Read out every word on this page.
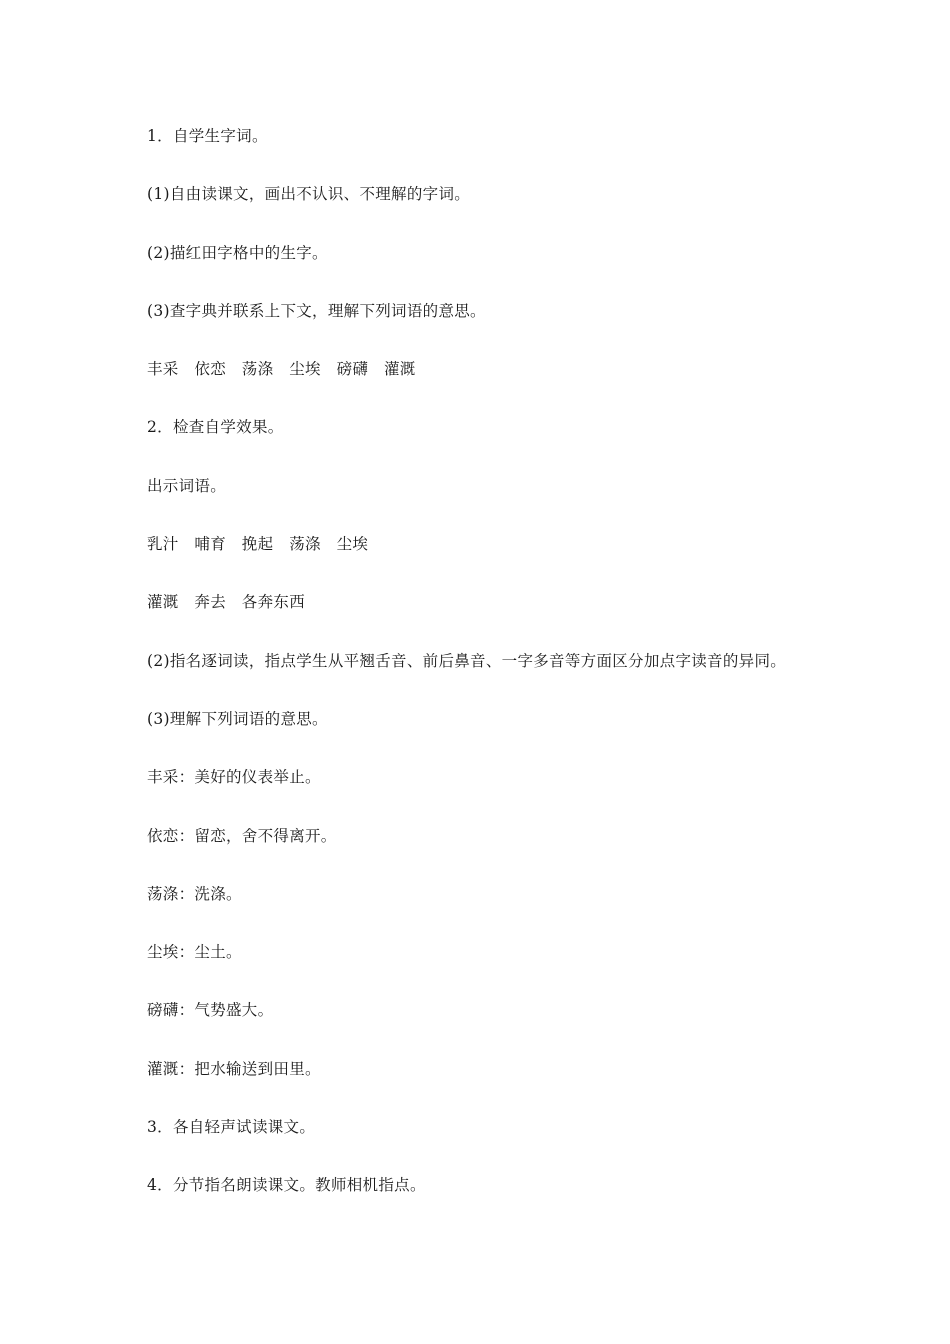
1．自学生字词。
(1)自由读课文，画出不认识、不理解的字词。
(2)描红田字格中的生字。
(3)查字典并联系上下文，理解下列词语的意思。
丰采　依恋　荡涤　尘埃　磅礴　灌溉
2．检查自学效果。
出示词语。
乳汁　哺育　挽起　荡涤　尘埃
灌溉　奔去　各奔东西
(2)指名逐词读，指点学生从平翘舌音、前后鼻音、一字多音等方面区分加点字读音的异同。
(3)理解下列词语的意思。
丰采：美好的仪表举止。
依恋：留恋，舍不得离开。
荡涤：洗涤。
尘埃：尘土。
磅礴：气势盛大。
灌溉：把水输送到田里。
3．各自轻声试读课文。
4．分节指名朗读课文。教师相机指点。
